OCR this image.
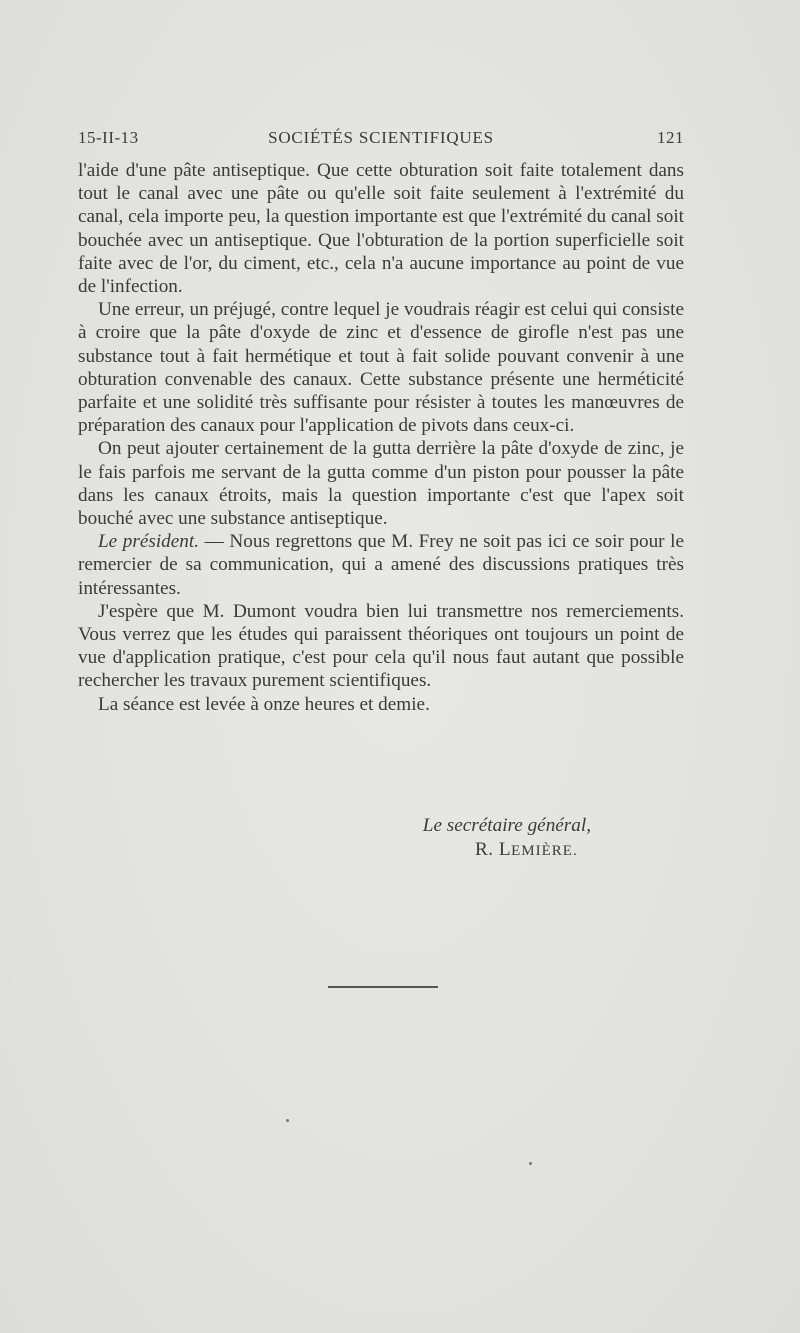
15-II-13	SOCIÉTÉS SCIENTIFIQUES	121

l'aide d'une pâte antiseptique. Que cette obturation soit faite totalement dans tout le canal avec une pâte ou qu'elle soit faite seulement à l'extrémité du canal, cela importe peu, la question importante est que l'extrémité du canal soit bouchée avec un antiseptique. Que l'obturation de la portion superficielle soit faite avec de l'or, du ciment, etc., cela n'a aucune importance au point de vue de l'infection.

Une erreur, un préjugé, contre lequel je voudrais réagir est celui qui consiste à croire que la pâte d'oxyde de zinc et d'essence de girofle n'est pas une substance tout à fait hermétique et tout à fait solide pouvant convenir à une obturation convenable des canaux. Cette substance présente une herméticité parfaite et une solidité très suffisante pour résister à toutes les manœuvres de préparation des canaux pour l'application de pivots dans ceux-ci.

On peut ajouter certainement de la gutta derrière la pâte d'oxyde de zinc, je le fais parfois me servant de la gutta comme d'un piston pour pousser la pâte dans les canaux étroits, mais la question importante c'est que l'apex soit bouché avec une substance antiseptique.

Le président. — Nous regrettons que M. Frey ne soit pas ici ce soir pour le remercier de sa communication, qui a amené des discussions pratiques très intéressantes.

J'espère que M. Dumont voudra bien lui transmettre nos remerciements. Vous verrez que les études qui paraissent théoriques ont toujours un point de vue d'application pratique, c'est pour cela qu'il nous faut autant que possible rechercher les travaux purement scientifiques.

La séance est levée à onze heures et demie.

Le secrétaire général,
R. LEMIÈRE.
